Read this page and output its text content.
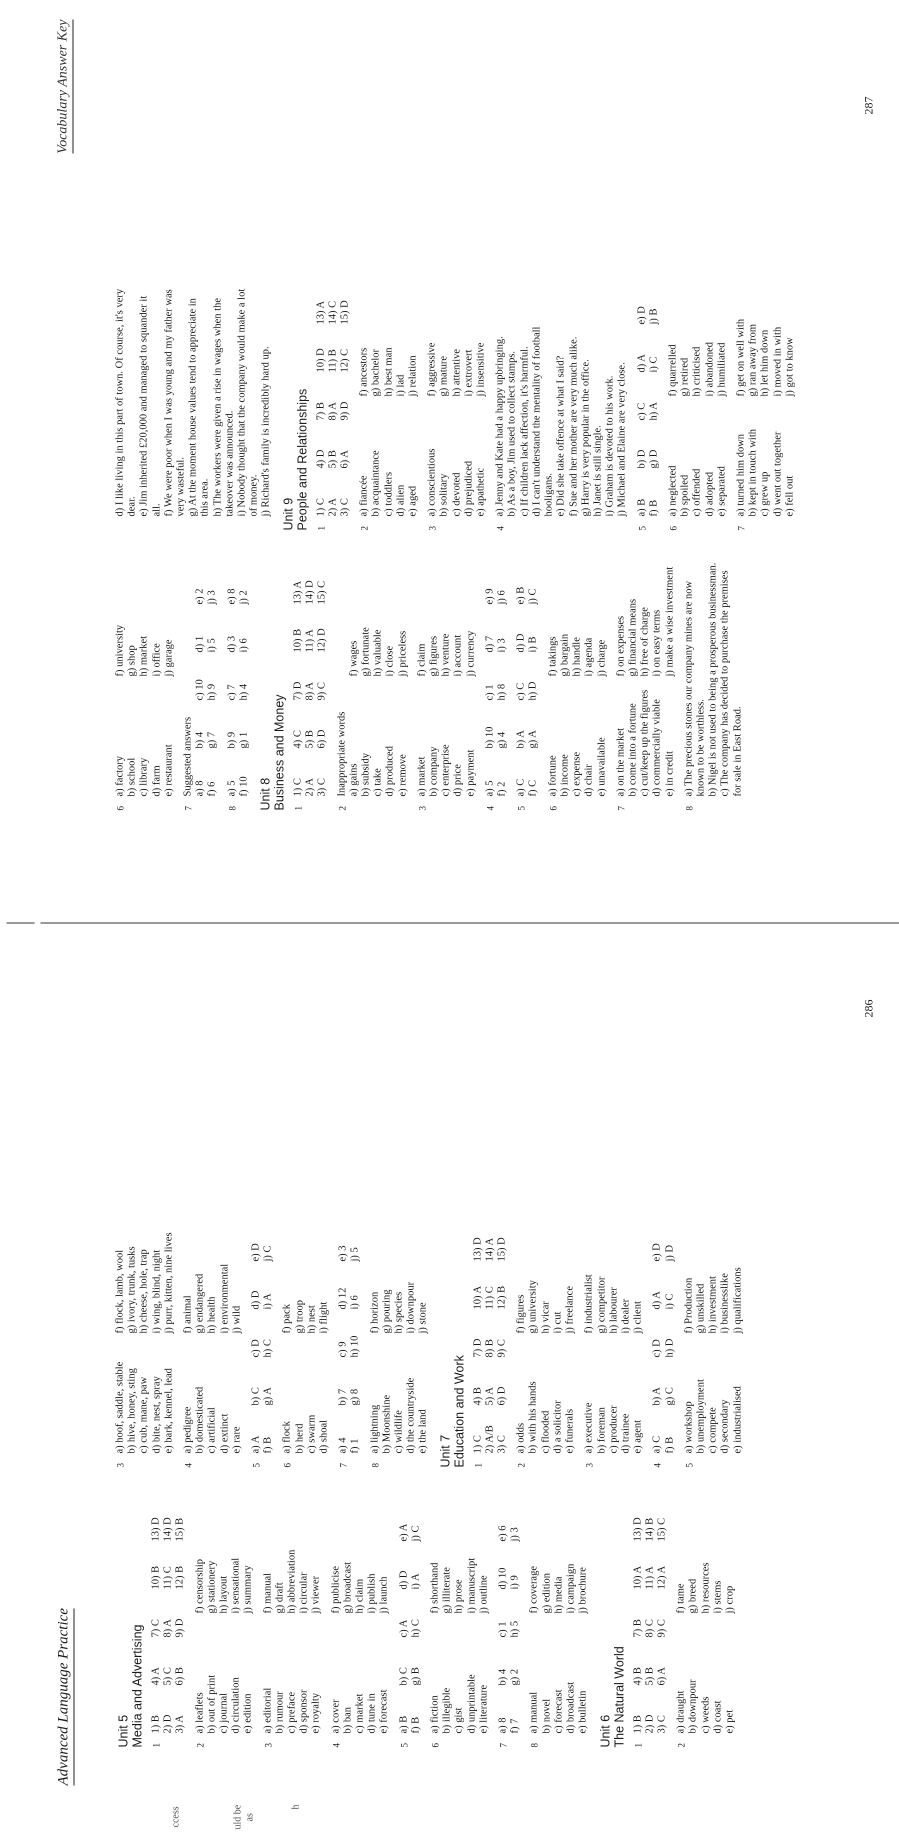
Advanced Language Practice
ccess	uld be as
h
Unit 5 Media and Advertising 1
1) B
4) A
7) C
10) B
13) D
2) D
5) C
8) A
11) C
14) D
3) A
6) B
9) D
12) B
15) B
2
a) leaflets
f) censorship
b) out of print
g) stationery
c) journal
h) layout
d) circulation
i) sensational
e) edition
j) summary
3
a) editorial
f) manual
b) rumour
g) draft
c) preface
h) abbreviation
d) sponsor
i) circular
e) royalty
j) viewer
4
a) cover
f) publicise
b) ban
g) broadcast
c) market
h) claim
d) tune in
i) publish
e) forecast
j) launch
5
a) B
b) C
c) A
d) D
e) A
f) B
g) B
h) C
i) A
j) C
6
a) fiction
f) shorthand
b) illegible
g) illiterate
c) gist
h) prose
d) unprintable
i) manuscript
e) literature
j) outline
7
a) 8
b) 4
c) 1
d) 10
e) 6
f) 7
g) 2
h) 5
i) 9
j) 3
8
a) manual
f) coverage
b) novel
g) edition
c) forecast
h) media
d) broadcast
i) campaign
e) bulletin
j) brochure
Unit 6 The Natural World 1
1) B
4) B
7) B
10) A
13) D
2) D
5) B
8) C
11) A
14) B
3) C
6) A
9) C
12) A
15) C
2
a) draught
f) tame
b) downpour
g) breed
c) weeds
h) resources
d) coast
i) stems
e) pet
j) crop
3
a) hoof, saddle, stable
f) flock, lamb, wool
b) hive, honey, sting
g) ivory, trunk, tusks
c) cub, mane, paw
h) cheese, hole, trap
d) bite, nest, spray
i) wing, blind, night
e) bark, kennel, lead
j) purr, kitten, nine lives
4
a) pedigree
f) animal
b) domesticated
g) endangered
c) artificial
h) health
d) extinct
i) environmental
e) rare
j) wild
5
a) A
b) C
c) D
d) D
e) D
f) B
g) A
h) C
i) A
j) C
6
a) flock
f) pack
b) herd
g) troop
c) swarm
h) nest
d) shoal
i) flight
7
a) 4
b) 7
c) 9
d) 12
e) 3
f) 1
g) 8
h) 10
i) 6
j) 5
8
a) lightning
f) horizon
b) Moonshine
g) pouring
c) wildlife
h) species
d) the countryside
i) downpour
e) the land
j) stone
Unit 7 Education and Work 1
1) C
4) B
7) D
10) A
13) D
2) A/B
5) A
8) B
11) C
14) A
3) C
6) D
9) C
12) B
15) D
2
a) odds
f) figures
b) with his hands
g) university
c) flooded
h) vicar
d) a solicitor
i) cut
e) funerals
j) freelance
3
a) executive
f) industrialist
b) foreman
g) competitor
c) producer
h) labourer
d) trainee
i) dealer
e) agent
j) client
4
a) C
b) A
c) D
d) A
e) D
f) B
g) C
h) D
i) C
j) D
5
a) workshop
f) Production
b) unemployment
g) unskilled
c) compete
h) investment
d) secondary
i) businesslike
e) industrialised
j) qualifications
286
Vocabulary Answer Key
6
a) factory
f) university
b) school
g) shop
c) library
h) market
d) farm
i) office
e) restaurant
j) garage
7
Suggested answers a) 8
b) 4
c) 10
d) 1
e) 2
f) 6
g) 7
h) 9
i) 5
j) 3
8
a) 5
b) 9
c) 7
d) 3
e) 8
f) 10
g) 1
h) 4
i) 6
j) 2
Unit 8 Business and Money 1
1) C
4) C
7) D
10) B
13) A
2) A
5) B
8) A
11) A
14) D
3) C
6) D
9) C
12) D
15) C
2
Inappropriate words a) gains
f) wages
b) subsidy
g) fortunate
c) take
h) valuable
d) produced
i) close
e) remove
j) priceless
3
a) market
f) claim
b) company
g) figures
c) enterprise
h) venture
d) price
i) account
e) payment
j) currency
4
a) 5
b) 10
c) 1
d) 7
e) 9
f) 2
g) 4
h) 8
i) 3
j) 6
5
a) C
b) A
c) C
d) D
e) B
f) C
g) A
h) D
i) B
j) C
6
a) fortune
f) takings
b) income
g) bargain
c) expense
h) handle
d) chair
i) agenda
e) unavailable
j) charge
7
a) on the market
f) on expenses
b) come into a fortune
g) financial means
c) cut/keep up the figures
h) free of charge
d) commercially viable
i) on easy terms
e) in credit
j) make a wise investment
8
a) The precious stones our company mines are now known to be worthless. b) Nigel is not used to being a prosperous businessman. c) The company has decided to purchase the premises for sale in East Road.
d) I like living in this part of town. Of course, it's very dear. e) Jim inherited £20,000 and managed to squander it all. f) We were poor when I was young and my father was very wasteful. g) At the moment house values tend to appreciate in this area. h) The workers were given a rise in wages when the takeover was announced. i) Nobody thought that the company would make a lot of money. j) Richard's family is incredibly hard up. Unit 9 People and Relationships 1
1) C
4) D
7) B
10) D
13) A
2) A
5) B
8) A
11) B
14) C
3) C
6) A
9) D
12) C
15) D
2
a) fiancée
f) ancestors
b) acquaintance
g) bachelor
c) toddlers
h) best man
d) alien
i) lad
e) aged
j) relation
3
a) conscientious
f) aggressive
b) solitary
g) mature
c) devoted
h) attentive
d) prejudiced
i) extrovert
e) apathetic
j) insensitive
4
a) Jenny and Kate had a happy upbringing. b) As a boy, Jim used to collect stamps. c) If children lack affection, it's harmful. d) I can't understand the mentality of football hooligans. e) Did she take offence at what I said? f) Sue and her mother are very much alike. g) Harry is very popular in the office. h) Janet is still single. i) Graham is devoted to his work. j) Michael and Elaine are very close.
5
a) B
b) D
c) C
d) A
e) D
f) B
g) D
h) A
i) C
j) B
6
a) neglected
f) quarrelled
b) spoiled
g) retired
c) offended
h) criticised
d) adopted
i) abandoned
e) separated
j) humiliated
7
a) turned him down
f) get on well with
b) kept in touch with
g) ran away from
c) grew up
h) let him down
d) went out together
i) moved in with
e) fell out
j) got to know
287
